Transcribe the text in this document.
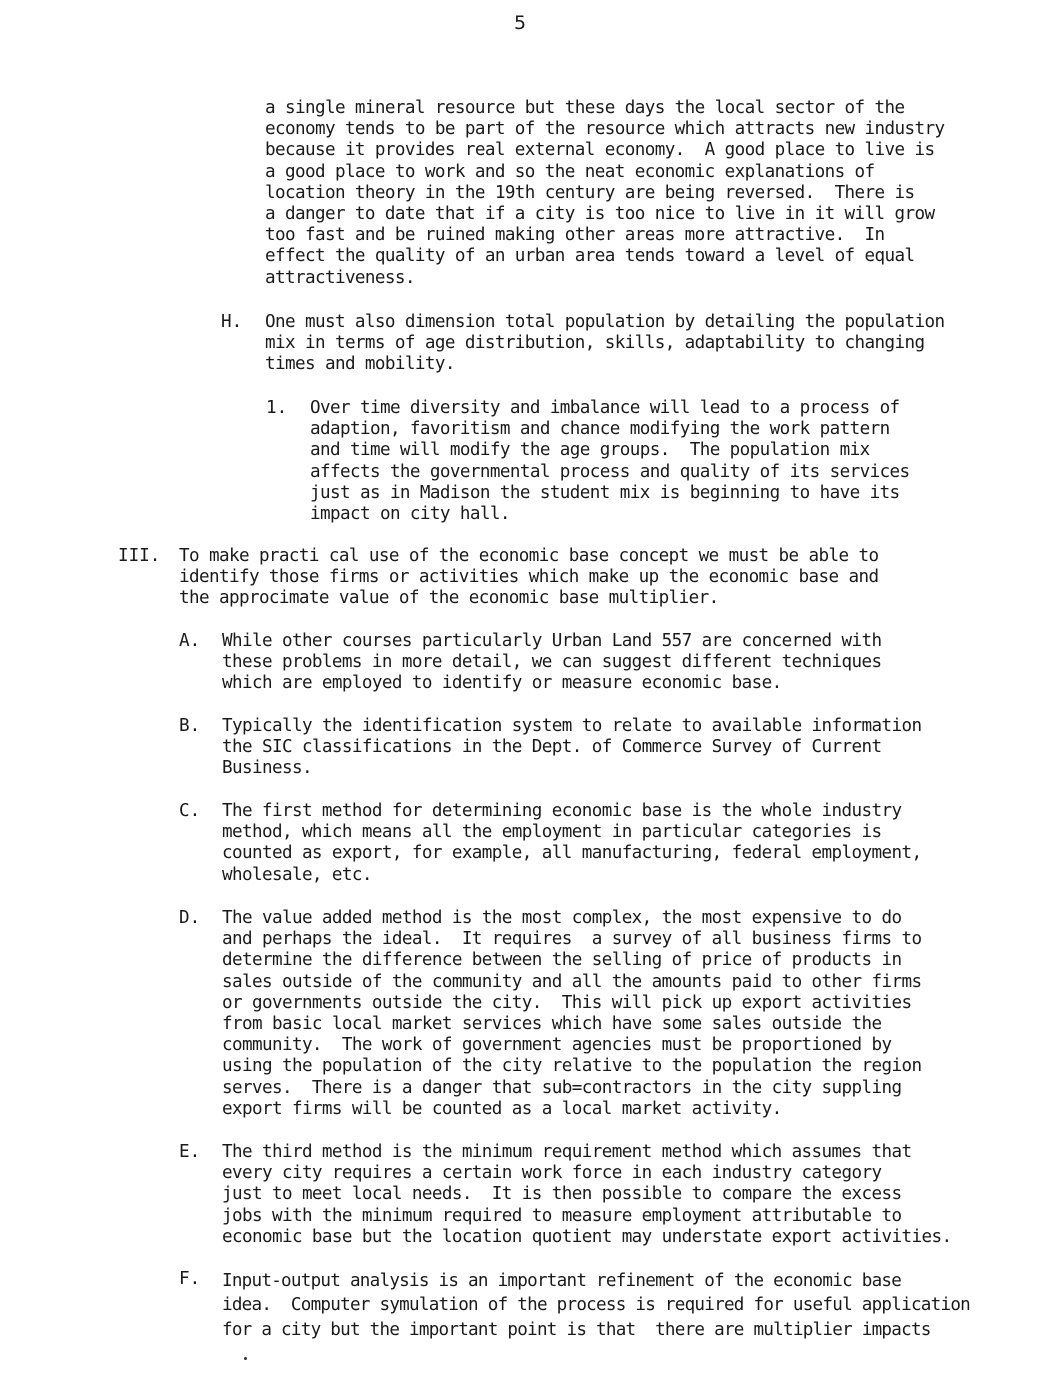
5
a single mineral resource but these days the local sector of the
economy tends to be part of the resource which attracts new industry
because it provides real external economy.  A good place to live is
a good place to work and so the neat economic explanations of
location theory in the 19th century are being reversed.  There is
a danger to date that if a city is too nice to live in it will grow
too fast and be ruined making other areas more attractive.  In
effect the quality of an urban area tends toward a level of equal
attractiveness.
H. One must also dimension total population by detailing the population
mix in terms of age distribution, skills, adaptability to changing
times and mobility.
1. Over time diversity and imbalance will lead to a process of
adaption, favoritism and chance modifying the work pattern
and time will modify the age groups.  The population mix
affects the governmental process and quality of its services
just as in Madison the student mix is beginning to have its
impact on city hall.
III. To make practi cal use of the economic base concept we must be able to
identify those firms or activities which make up the economic base and
the approcimate value of the economic base multiplier.
A. While other courses particularly Urban Land 557 are concerned with
these problems in more detail, we can suggest different techniques
which are employed to identify or measure economic base.
B. Typically the identification system to relate to available information
the SIC classifications in the Dept. of Commerce Survey of Current
Business.
C. The first method for determining economic base is the whole industry
method, which means all the employment in particular categories is
counted as export, for example, all manufacturing, federal employment,
wholesale, etc.
D. The value added method is the most complex, the most expensive to do
and perhaps the ideal.  It requires  a survey of all business firms to
determine the difference between the selling of price of products in
sales outside of the community and all the amounts paid to other firms
or governments outside the city.  This will pick up export activities
from basic local market services which have some sales outside the
community.  The work of government agencies must be proportioned by
using the population of the city relative to the population the region
serves.  There is a danger that sub=contractors in the city suppling
export firms will be counted as a local market activity.
E. The third method is the minimum requirement method which assumes that
every city requires a certain work force in each industry category
just to meet local needs.  It is then possible to compare the excess
jobs with the minimum required to measure employment attributable to
economic base but the location quotient may understate export activities.
F. Input-output analysis is an important refinement of the economic base
idea.  Computer symulation of the process is required for useful application
for a city but the important point is that  there are multiplier impacts
